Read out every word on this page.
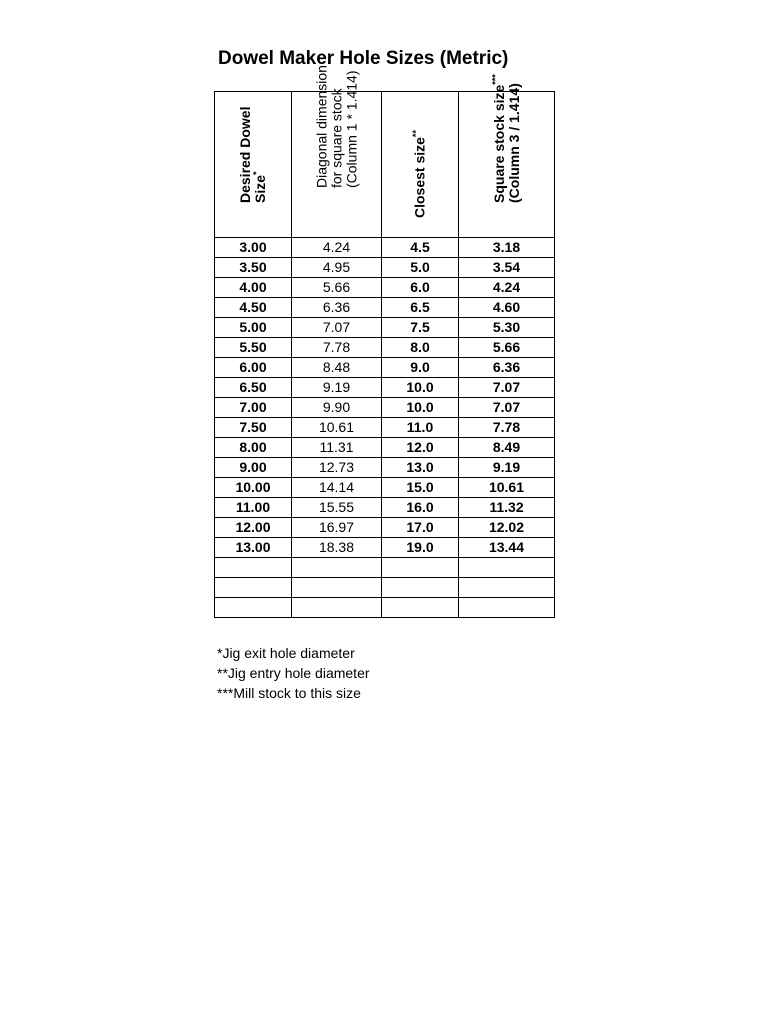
Dowel Maker Hole Sizes (Metric)
Desired Dowel Size*	Diagonal dimension for square stock (Column 1 * 1.414)	Closest size**	Square stock size***
(Column 3 / 1.414)

3.00	4.24	4.5	3.18
3.50	4.95	5.0	3.54
4.00	5.66	6.0	4.24
4.50	6.36	6.5	4.60
5.00	7.07	7.5	5.30
5.50	7.78	8.0	5.66
6.00	8.48	9.0	6.36
6.50	9.19	10.0	7.07
7.00	9.90	10.0	7.07
7.50	10.61	11.0	7.78
8.00	11.31	12.0	8.49
9.00	12.73	13.0	9.19
10.00	14.14	15.0	10.61
11.00	15.55	16.0	11.32
12.00	16.97	17.0	12.02
13.00	18.38	19.0	13.44

*Jig exit hole diameter
**Jig entry hole diameter
***Mill stock to this size
